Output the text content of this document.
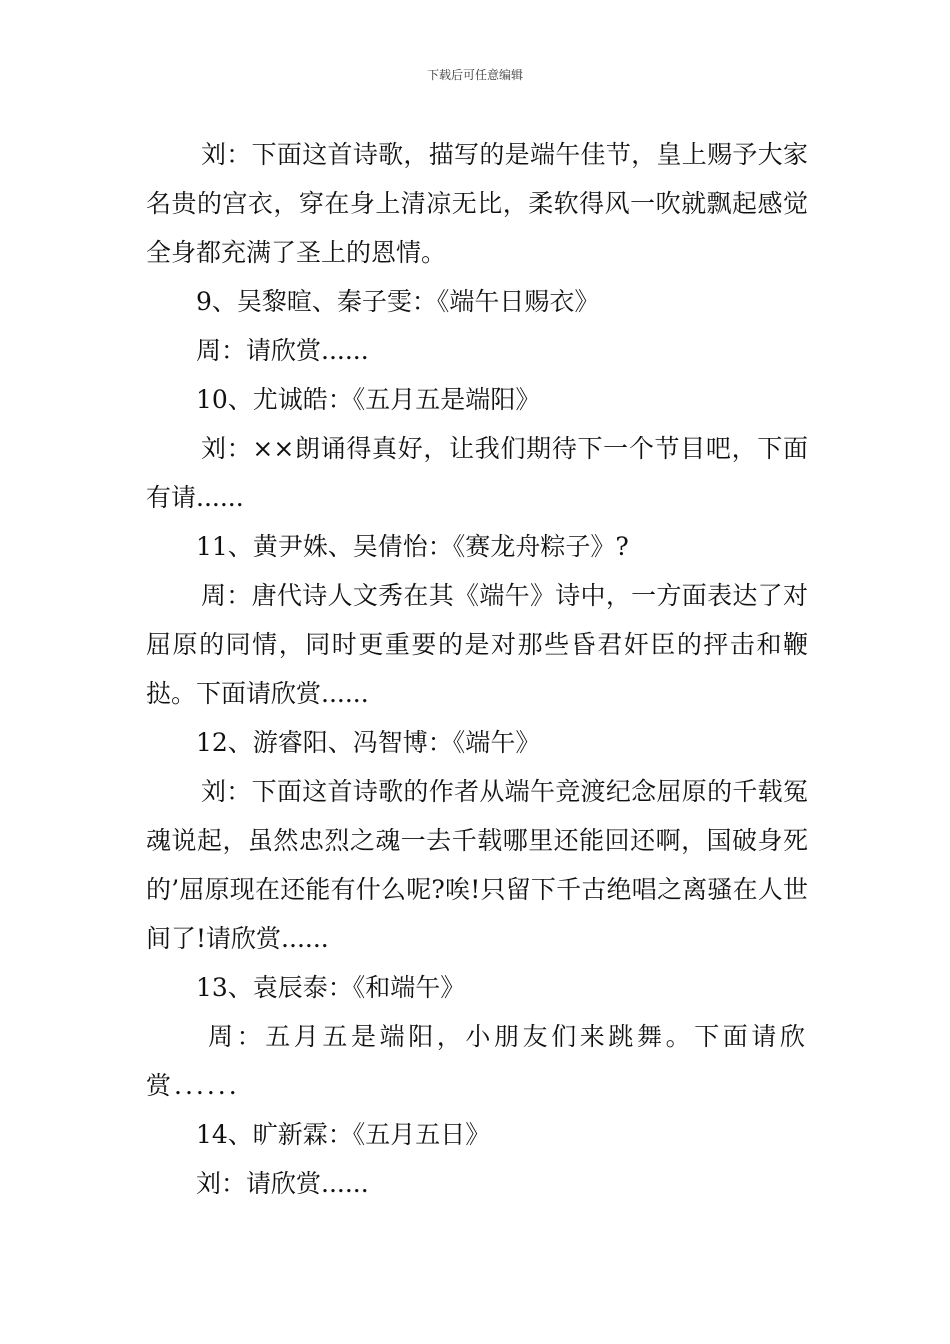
下载后可任意编辑

刘：下面这首诗歌，描写的是端午佳节，皇上赐予大家名贵的宫衣，穿在身上清凉无比，柔软得风一吹就飘起感觉全身都充满了圣上的恩情。

9、吴黎暄、秦子雯：《端午日赐衣》

周：请欣赏......

10、尤诚皓：《五月五是端阳》

刘：××朗诵得真好，让我们期待下一个节目吧，下面有请......

11、黄尹姝、吴倩怡：《赛龙舟粽子》?

周：唐代诗人文秀在其《端午》诗中，一方面表达了对屈原的同情，同时更重要的是对那些昏君奸臣的抨击和鞭挞。下面请欣赏......

12、游睿阳、冯智博：《端午》

刘：下面这首诗歌的作者从端午竞渡纪念屈原的千载冤魂说起，虽然忠烈之魂一去千载哪里还能回还啊，国破身死的’屈原现在还能有什么呢?唉!只留下千古绝唱之离骚在人世间了!请欣赏......

13、袁辰泰：《和端午》

周：五月五是端阳，小朋友们来跳舞。下面请欣赏......

14、旷新霖：《五月五日》

刘：请欣赏......
